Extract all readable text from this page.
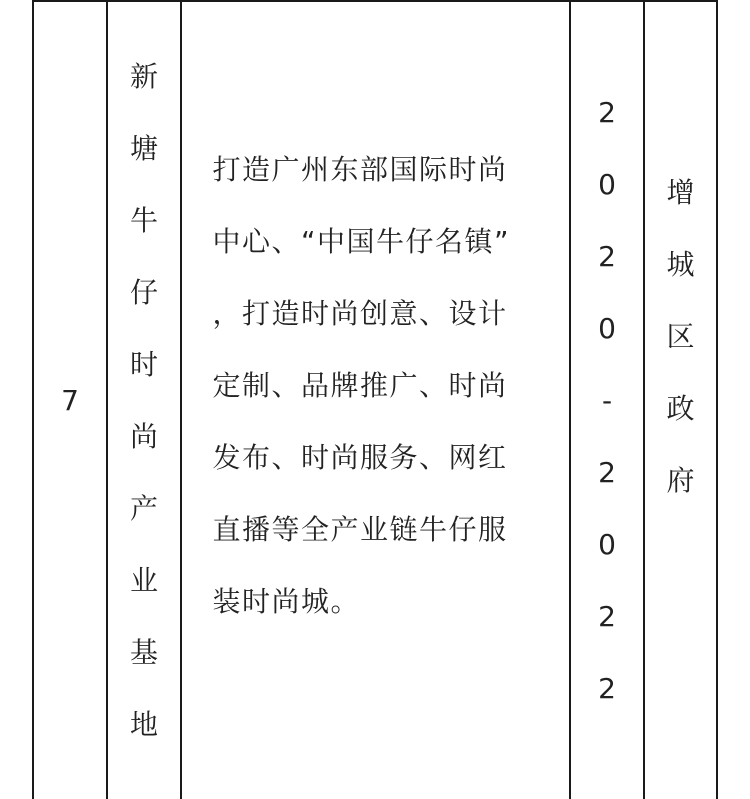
7
新
塘
牛
仔
时
尚
产
业
基
地
打造广州东部国际时尚
中心、“中国牛仔名镇”
，打造时尚创意、设计
定制、品牌推广、时尚
发布、时尚服务、网红
直播等全产业链牛仔服
装时尚城。
2
0
2
0
-
2
0
2
2
增
城
区
政
府
